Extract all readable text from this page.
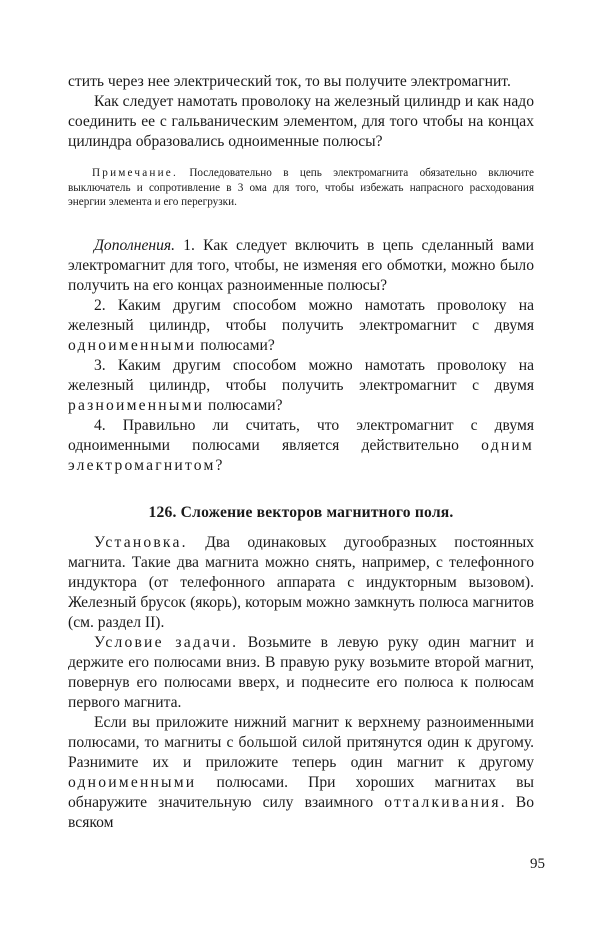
стить через нее электрический ток, то вы получите электромагнит.

Как следует намотать проволоку на железный цилиндр и как надо соединить ее с гальваническим элементом, для того чтобы на концах цилиндра образовались одноименные полюсы?

Примечание. Последовательно в цепь электромагнита обязательно включите выключатель и сопротивление в 3 ома для того, чтобы избежать напрасного расходования энергии элемента и его перегрузки.

Дополнения. 1. Как следует включить в цепь сделанный вами электромагнит для того, чтобы, не изменяя его обмотки, можно было получить на его концах разноименные полюсы?

2. Каким другим способом можно намотать проволоку на железный цилиндр, чтобы получить электромагнит с двумя одноименными полюсами?

3. Каким другим способом можно намотать проволоку на железный цилиндр, чтобы получить электромагнит с двумя разноименными полюсами?

4. Правильно ли считать, что электромагнит с двумя одноименными полюсами является действительно одним электромагнитом?

126. Сложение векторов магнитного поля.

Установка. Два одинаковых дугообразных постоянных магнита. Такие два магнита можно снять, например, с телефонного индуктора (от телефонного аппарата с индукторным вызовом). Железный брусок (якорь), которым можно замкнуть полюса магнитов (см. раздел II).

Условие задачи. Возьмите в левую руку один магнит и держите его полюсами вниз. В правую руку возьмите второй магнит, повернув его полюсами вверх, и поднесите его полюса к полюсам первого магнита.

Если вы приложите нижний магнит к верхнему разноименными полюсами, то магниты с большой силой притянутся один к другому. Разнимите их и приложите теперь один магнит к другому одноименными полюсами. При хороших магнитах вы обнаружите значительную силу взаимного отталкивания. Во всяком

95
